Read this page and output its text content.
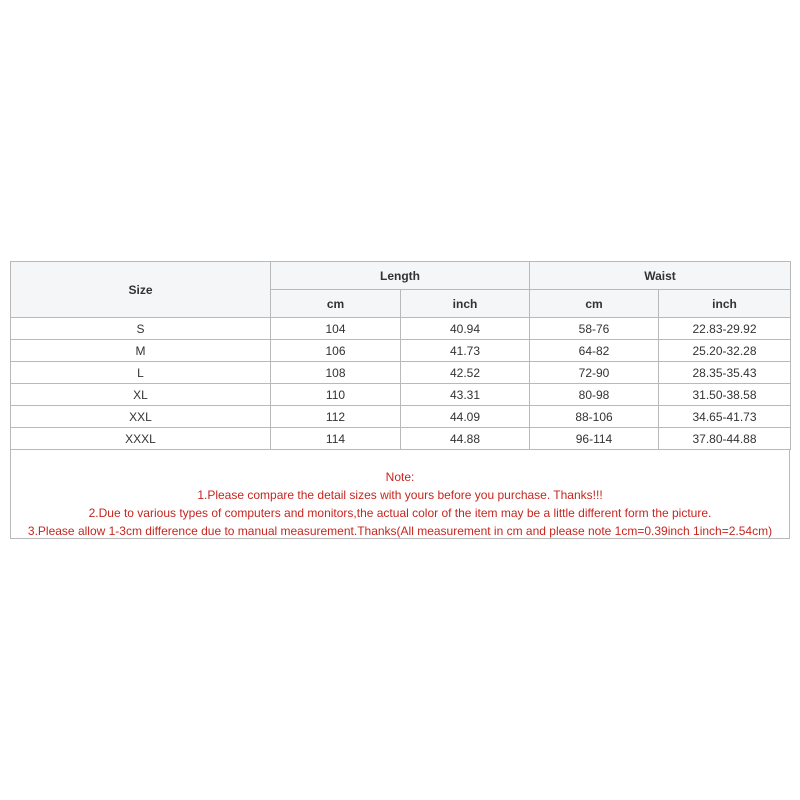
Size	Length		Waist	
	cm	inch	cm	inch
S	104	40.94	58-76	22.83-29.92
M	106	41.73	64-82	25.20-32.28
L	108	42.52	72-90	28.35-35.43
XL	110	43.31	80-98	31.50-38.58
XXL	112	44.09	88-106	34.65-41.73
XXXL	114	44.88	96-114	37.80-44.88
Note:
1.Please compare the detail sizes with yours before you purchase. Thanks!!!
2.Due to various types of computers and monitors,the actual color of the item may be a little different form the picture.
3.Please allow 1-3cm difference due to manual measurement.Thanks(All measurement in cm and please note 1cm=0.39inch 1inch=2.54cm)
